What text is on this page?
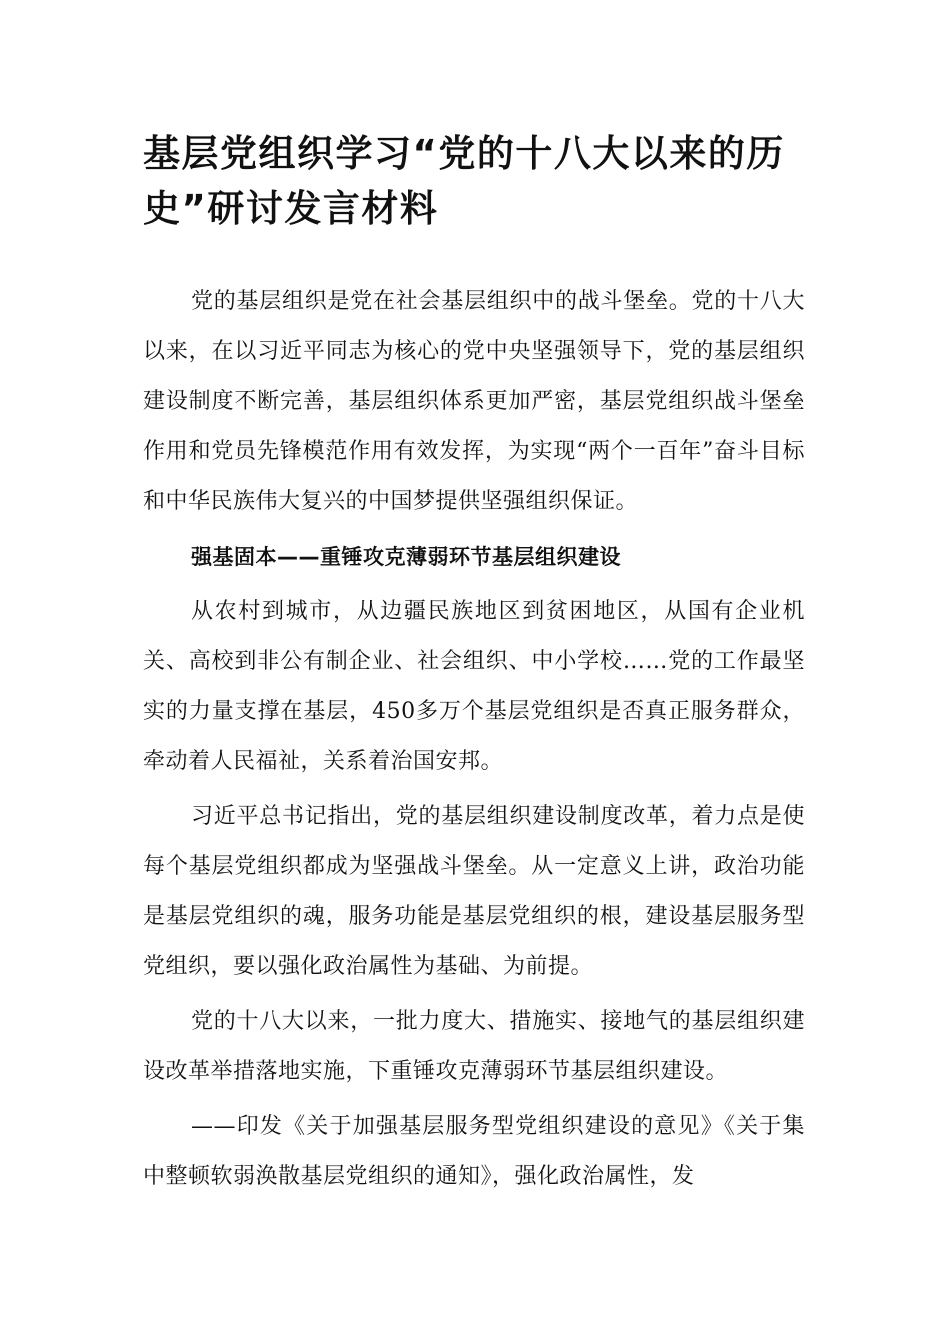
基层党组织学习“党的十八大以来的历史”研讨发言材料

党的基层组织是党在社会基层组织中的战斗堡垒。党的十八大以来，在以习近平同志为核心的党中央坚强领导下，党的基层组织建设制度不断完善，基层组织体系更加严密，基层党组织战斗堡垒作用和党员先锋模范作用有效发挥，为实现“两个一百年”奋斗目标和中华民族伟大复兴的中国梦提供坚强组织保证。

强基固本——重锤攻克薄弱环节基层组织建设

从农村到城市，从边疆民族地区到贫困地区，从国有企业机关、高校到非公有制企业、社会组织、中小学校……党的工作最坚实的力量支撑在基层，450多万个基层党组织是否真正服务群众，牵动着人民福祉，关系着治国安邦。

习近平总书记指出，党的基层组织建设制度改革，着力点是使每个基层党组织都成为坚强战斗堡垒。从一定意义上讲，政治功能是基层党组织的魂，服务功能是基层党组织的根，建设基层服务型党组织，要以强化政治属性为基础、为前提。

党的十八大以来，一批力度大、措施实、接地气的基层组织建设改革举措落地实施，下重锤攻克薄弱环节基层组织建设。

——印发《关于加强基层服务型党组织建设的意见》《关于集中整顿软弱涣散基层党组织的通知》，强化政治属性，发
